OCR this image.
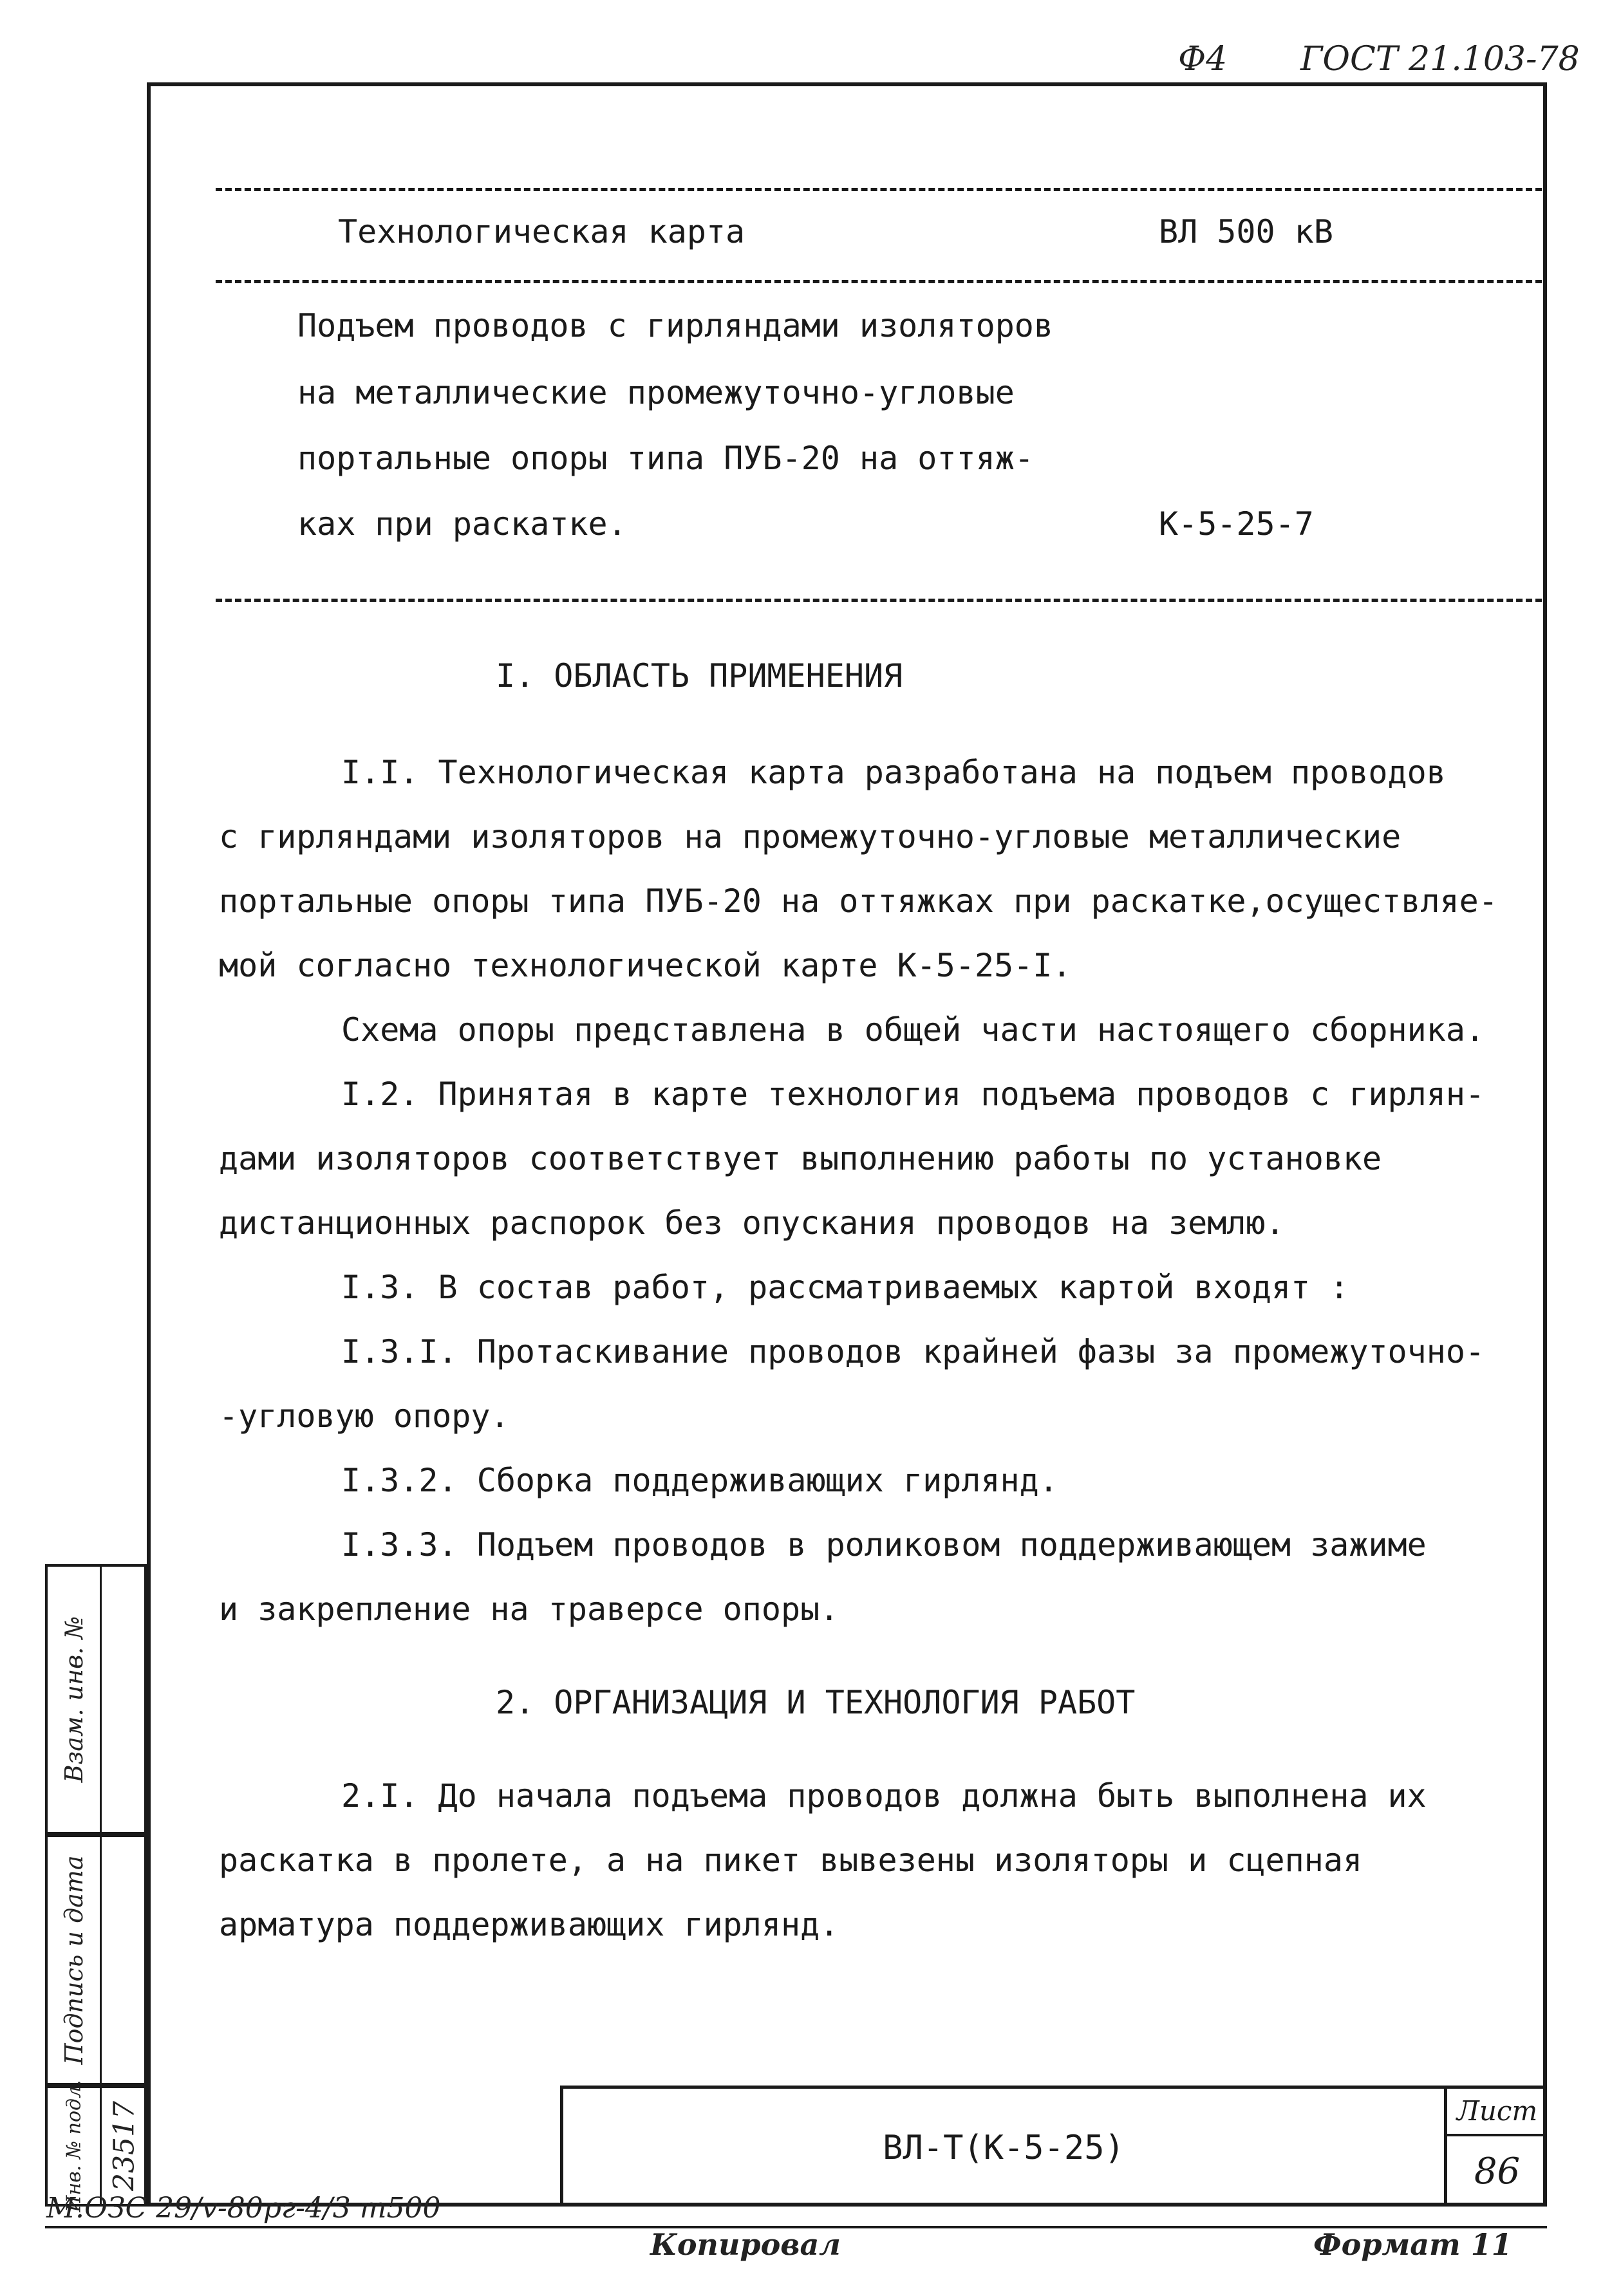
Ф4 ГОСТ 21.103-78
Технологическая карта	ВЛ 500 кВ
Подъем проводов с гирляндами изоляторов
на металлические промежуточно-угловые
портальные опоры типа ПУБ-20 на оттяж-
ках при раскатке.	К-5-25-7
I. ОБЛАСТЬ ПРИМЕНЕНИЯ
I.I. Технологическая карта разработана на подъем проводов
с гирляндами изоляторов на промежуточно-угловые металлические
портальные опоры типа ПУБ-20 на оттяжках при раскатке,осуществляе-
мой согласно технологической карте К-5-25-I.
Схема опоры представлена в общей части настоящего сборника.
I.2. Принятая в карте технология подъема проводов с гирлян-
дами изоляторов соответствует выполнению работы по установке
дистанционных распорок без опускания проводов на землю.
I.3. В состав работ, рассматриваемых картой входят :
I.3.I. Протаскивание проводов крайней фазы за промежуточно-
-угловую опору.
I.3.2. Сборка поддерживающих гирлянд.
I.3.3. Подъем проводов в роликовом поддерживающем зажиме
и закрепление на траверсе опоры.
2. ОРГАНИЗАЦИЯ И ТЕХНОЛОГИЯ РАБОТ
2.I. До начала подъема проводов должна быть выполнена их
раскатка в пролете, а на пикет вывезены изоляторы и сцепная
арматура поддерживающих гирлянд.
ВЛ-Т(К-5-25)
Лист
86
Взам. инв. №
Подпись и дата
Инв. № подл. 23517
М.ОЗС 29/v-80рг-4/3 т500
Копировал	Формат 11
